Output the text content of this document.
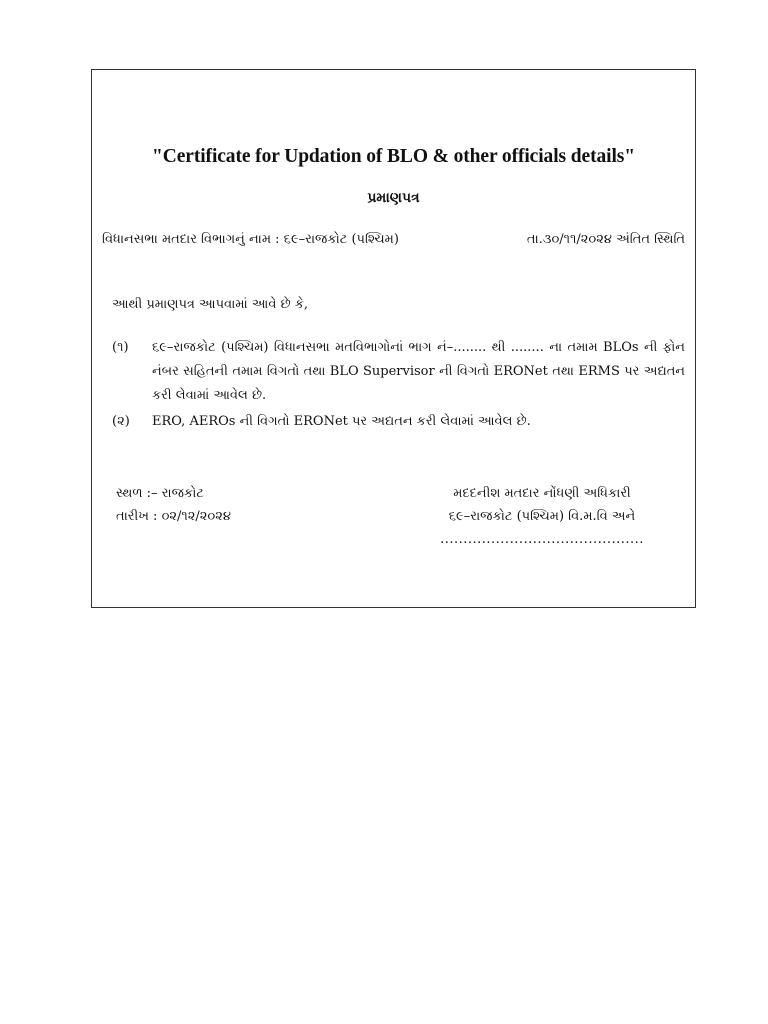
"Certificate for Updation of BLO & other officials details"
પ્રમાણપત્ર
વિધાનસભા મતદાર વિભાગનું નામ : ૬૯–રાજકોટ (પશ્ચિમ)	તા.૩૦/૧૧/૨૦૨૪ અંતિત સ્થિતિ
આથી પ્રમાણપત્ર આપવામાં આવે છે કે,
(૧)	૬૯–રાજકોટ (પશ્ચિમ) વિધાનસભા મતવિભાગોનાં ભાગ નં–........ થી ........ ના તમામ BLOs ની ફોન નંબર સહિતની તમામ વિગતો તથા BLO Supervisor ની વિગતો ERONet તથા ERMS પર અદ્યતન કરી લેવામાં આવેલ છે.
(૨)	ERO, AEROs ની વિગતો ERONet પર અદ્યતન કરી લેવામાં આવેલ છે.
સ્થળ :– રાજકોટ
તારીખ : ૦૨/૧૨/૨૦૨૪
મદદનીશ મતદાર નોંધણી અધિકારી
૬૯–રાજકોટ (પશ્ચિમ) વિ.મ.વિ અને
............................................
